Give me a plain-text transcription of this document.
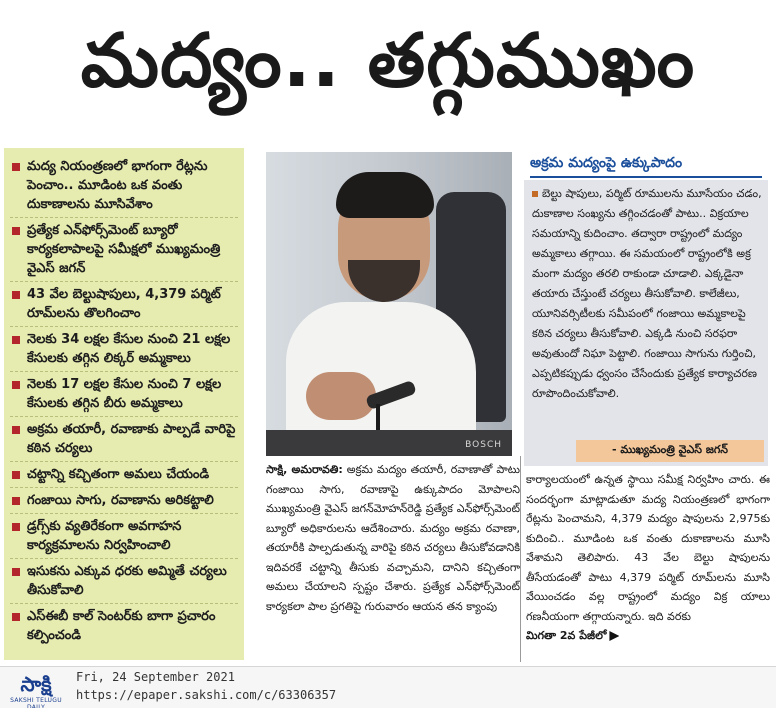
మద్యం.. తగ్గుముఖం
మద్య నియంత్రణలో భాగంగా రేట్లను పెంచాం.. మూడింట ఒక వంతు దుకాణాలను మూసివేశాం
ప్రత్యేక ఎన్‌ఫోర్స్‌మెంట్ బ్యూరో కార్యకలాపాలపై సమీక్షలో ముఖ్యమంత్రి వైఎస్ జగన్
43 వేల బెల్టుషాపులు, 4,379 పర్మిట్ రూమ్‌లను తొలగించాం
నెలకు 34 లక్షల కేసుల నుంచి 21 లక్షల కేసులకు తగ్గిన లిక్కర్ అమ్మకాలు
నెలకు 17 లక్షల కేసుల నుంచి 7 లక్షల కేసులకు తగ్గిన బీరు అమ్మకాలు
అక్రమ తయారీ, రవాణాకు పాల్పడే వారిపై కఠిన చర్యలు
చట్టాన్ని కచ్చితంగా అమలు చేయండి
గంజాయి సాగు, రవాణాను అరికట్టాలి
డ్రగ్స్‌కు వ్యతిరేకంగా అవగాహన కార్యక్రమాలను నిర్వహించాలి
ఇసుకను ఎక్కువ ధరకు అమ్మితే చర్యలు తీసుకోవాలి
ఎస్‌ఈబీ కాల్ సెంటర్‌కు బాగా ప్రచారం కల్పించండి
BOSCH
అక్రమ మద్యంపై ఉక్కుపాదం

బెల్టు షాపులు, పర్మిట్ రూములను మూసేయం చడం, దుకాణాల సంఖ్యను తగ్గించడంతో పాటు.. విక్రయాల సమయాన్ని కుదించాం. తద్వారా రాష్ట్రంలో మద్యం అమ్మకాలు తగ్గాయి. ఈ సమయంలో రాష్ట్రంలోకి అక్ర మంగా మద్యం తరలి రాకుండా చూడాలి. ఎక్కడైనా తయారు చేస్తుంటే చర్యలు తీసుకోవాలి. కాలేజీలు, యూనివర్సిటీలకు సమీపంలో గంజాయి అమ్మకాలపై కఠిన చర్యలు తీసుకోవాలి. ఎక్కడి నుంచి సరఫరా అవుతుందో నిఘా పెట్టాలి. గంజాయి సాగును గుర్తించి, ఎప్పటికప్పుడు ధ్వంసం చేసేందుకు ప్రత్యేక కార్యాచరణ రూపొందించుకోవాలి.

- ముఖ్యమంత్రి వైఎస్ జగన్
సాక్షి, అమరావతి: అక్రమ మద్యం తయారీ, రవాణాతో పాటు గంజాయి సాగు, రవాణాపై ఉక్కుపాదం మోపాలని ముఖ్యమంత్రి వైఎస్ జగన్‌మోహన్‌రెడ్డి ప్రత్యేక ఎన్‌ఫోర్స్‌మెంట్ బ్యూరో అధికారులను ఆదేశించారు. మద్యం అక్రమ రవాణా, తయారీకి పాల్పడుతున్న వారిపై కఠిన చర్యలు తీసుకోవడానికి ఇదివరకే చట్టాన్ని తీసుకు వచ్చామని, దానిని కచ్చితంగా అమలు చేయాలని స్పష్టం చేశారు. ప్రత్యేక ఎన్‌ఫోర్స్‌మెంట్ కార్యకలా పాల ప్రగతిపై గురువారం ఆయన తన క్యాంపు
కార్యాలయంలో ఉన్నత స్థాయి సమీక్ష నిర్వహిం చారు. ఈ సందర్భంగా మాట్లాడుతూ మద్య నియంత్రణలో భాగంగా రేట్లను పెంచామని, 4,379 మద్యం షాపులను 2,975కు కుదించి.. మూడింట ఒక వంతు దుకాణాలను మూసి వేశామని తెలిపారు. 43 వేల బెల్టు షాపులను తీసేయడంతో పాటు 4,379 పర్మిట్ రూమ్‌లను మూసి వేయించడం వల్ల రాష్ట్రంలో మద్యం విక్ర యాలు గణనీయంగా తగ్గాయన్నారు. ఇది వరకు
మిగతా 2వ పేజీలో
సాక్షి
SAKSHI TELUGU DAILY
Fri, 24 September 2021
https://epaper.sakshi.com/c/63306357
